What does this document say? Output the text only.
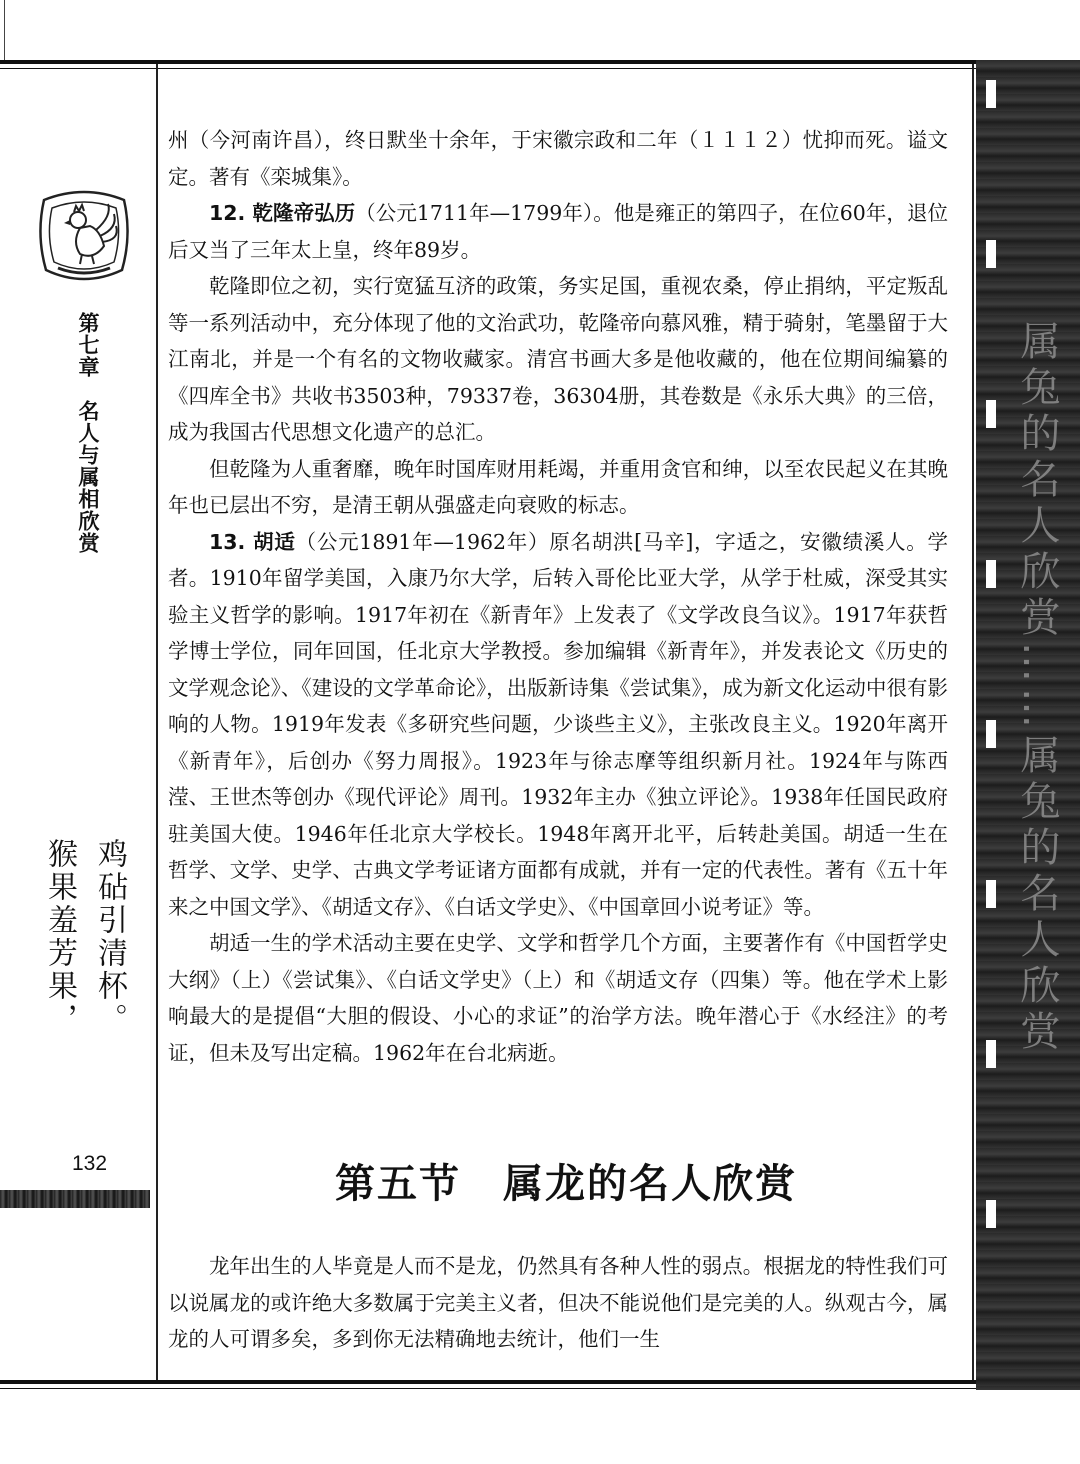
属兔的名人欣赏……属兔的名人欣赏
第七章　名人与属相欣赏
鸡砧引清杯。
猴果羞芳果，
132

州（今河南许昌），终日默坐十余年，于宋徽宗政和二年（１１１２）忧抑而死。谥文定。著有《栾城集》。

12. 乾隆帝弘历（公元1711年—1799年）。他是雍正的第四子，在位60年，退位后又当了三年太上皇，终年89岁。

乾隆即位之初，实行宽猛互济的政策，务实足国，重视农桑，停止捐纳，平定叛乱等一系列活动中，充分体现了他的文治武功，乾隆帝向慕风雅，精于骑射，笔墨留于大江南北，并是一个有名的文物收藏家。清宫书画大多是他收藏的，他在位期间编纂的《四库全书》共收书3503种，79337卷，36304册，其卷数是《永乐大典》的三倍，成为我国古代思想文化遗产的总汇。

但乾隆为人重奢靡，晚年时国库财用耗竭，并重用贪官和绅，以至农民起义在其晚年也已层出不穷，是清王朝从强盛走向衰败的标志。

13. 胡适（公元1891年—1962年）原名胡洪[马辛]，字适之，安徽绩溪人。学者。1910年留学美国，入康乃尔大学，后转入哥伦比亚大学，从学于杜威，深受其实验主义哲学的影响。1917年初在《新青年》上发表了《文学改良刍议》。1917年获哲学博士学位，同年回国，任北京大学教授。参加编辑《新青年》，并发表论文《历史的文学观念论》、《建设的文学革命论》，出版新诗集《尝试集》，成为新文化运动中很有影响的人物。1919年发表《多研究些问题，少谈些主义》，主张改良主义。1920年离开《新青年》，后创办《努力周报》。1923年与徐志摩等组织新月社。1924年与陈西滢、王世杰等创办《现代评论》周刊。1932年主办《独立评论》。1938年任国民政府驻美国大使。1946年任北京大学校长。1948年离开北平，后转赴美国。胡适一生在哲学、文学、史学、古典文学考证诸方面都有成就，并有一定的代表性。著有《五十年来之中国文学》、《胡适文存》、《白话文学史》、《中国章回小说考证》等。

胡适一生的学术活动主要在史学、文学和哲学几个方面，主要著作有《中国哲学史大纲》（上）《尝试集》、《白话文学史》（上）和《胡适文存（四集）等。他在学术上影响最大的是提倡“大胆的假设、小心的求证”的治学方法。晚年潜心于《水经注》的考证，但未及写出定稿。1962年在台北病逝。

第五节　属龙的名人欣赏

龙年出生的人毕竟是人而不是龙，仍然具有各种人性的弱点。根据龙的特性我们可以说属龙的或许绝大多数属于完美主义者，但决不能说他们是完美的人。纵观古今，属龙的人可谓多矣，多到你无法精确地去统计，他们一生
